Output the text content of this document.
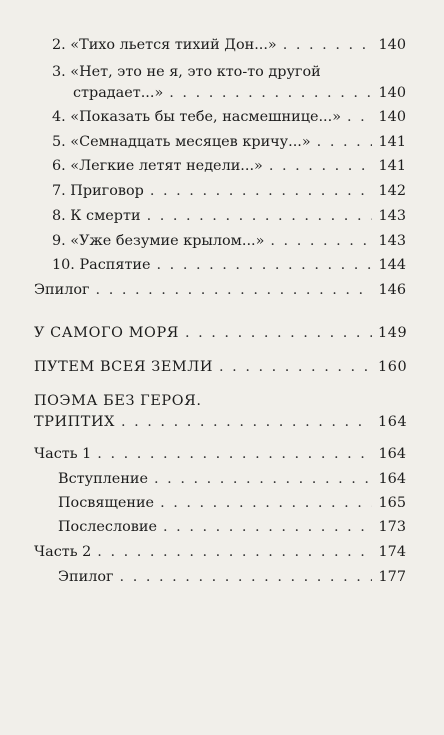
2. «Тихо льется тихий Дон...» . . .	140
3. «Нет, это не я, это кто-то другой
страдает...» . . .	140
4. «Показать бы тебе, насмешнице...» . . .	140
5. «Семнадцать месяцев кричу...» . . .	141
6. «Легкие летят недели...» . . .	141
7. Приговор . . .	142
8. К смерти . . .	143
9. «Уже безумие крылом...» . . .	143
10. Распятие . . .	144
Эпилог . . .	146
У САМОГО МОРЯ . . .	149
ПУТЕМ ВСЕЯ ЗЕМЛИ . . .	160
ПОЭМА БЕЗ ГЕРОЯ.
ТРИПТИХ . . .	164
Часть 1 . . .	164
Вступление . . .	164
Посвящение . . .	165
Послесловие . . .	173
Часть 2 . . .	174
Эпилог . . .	177
